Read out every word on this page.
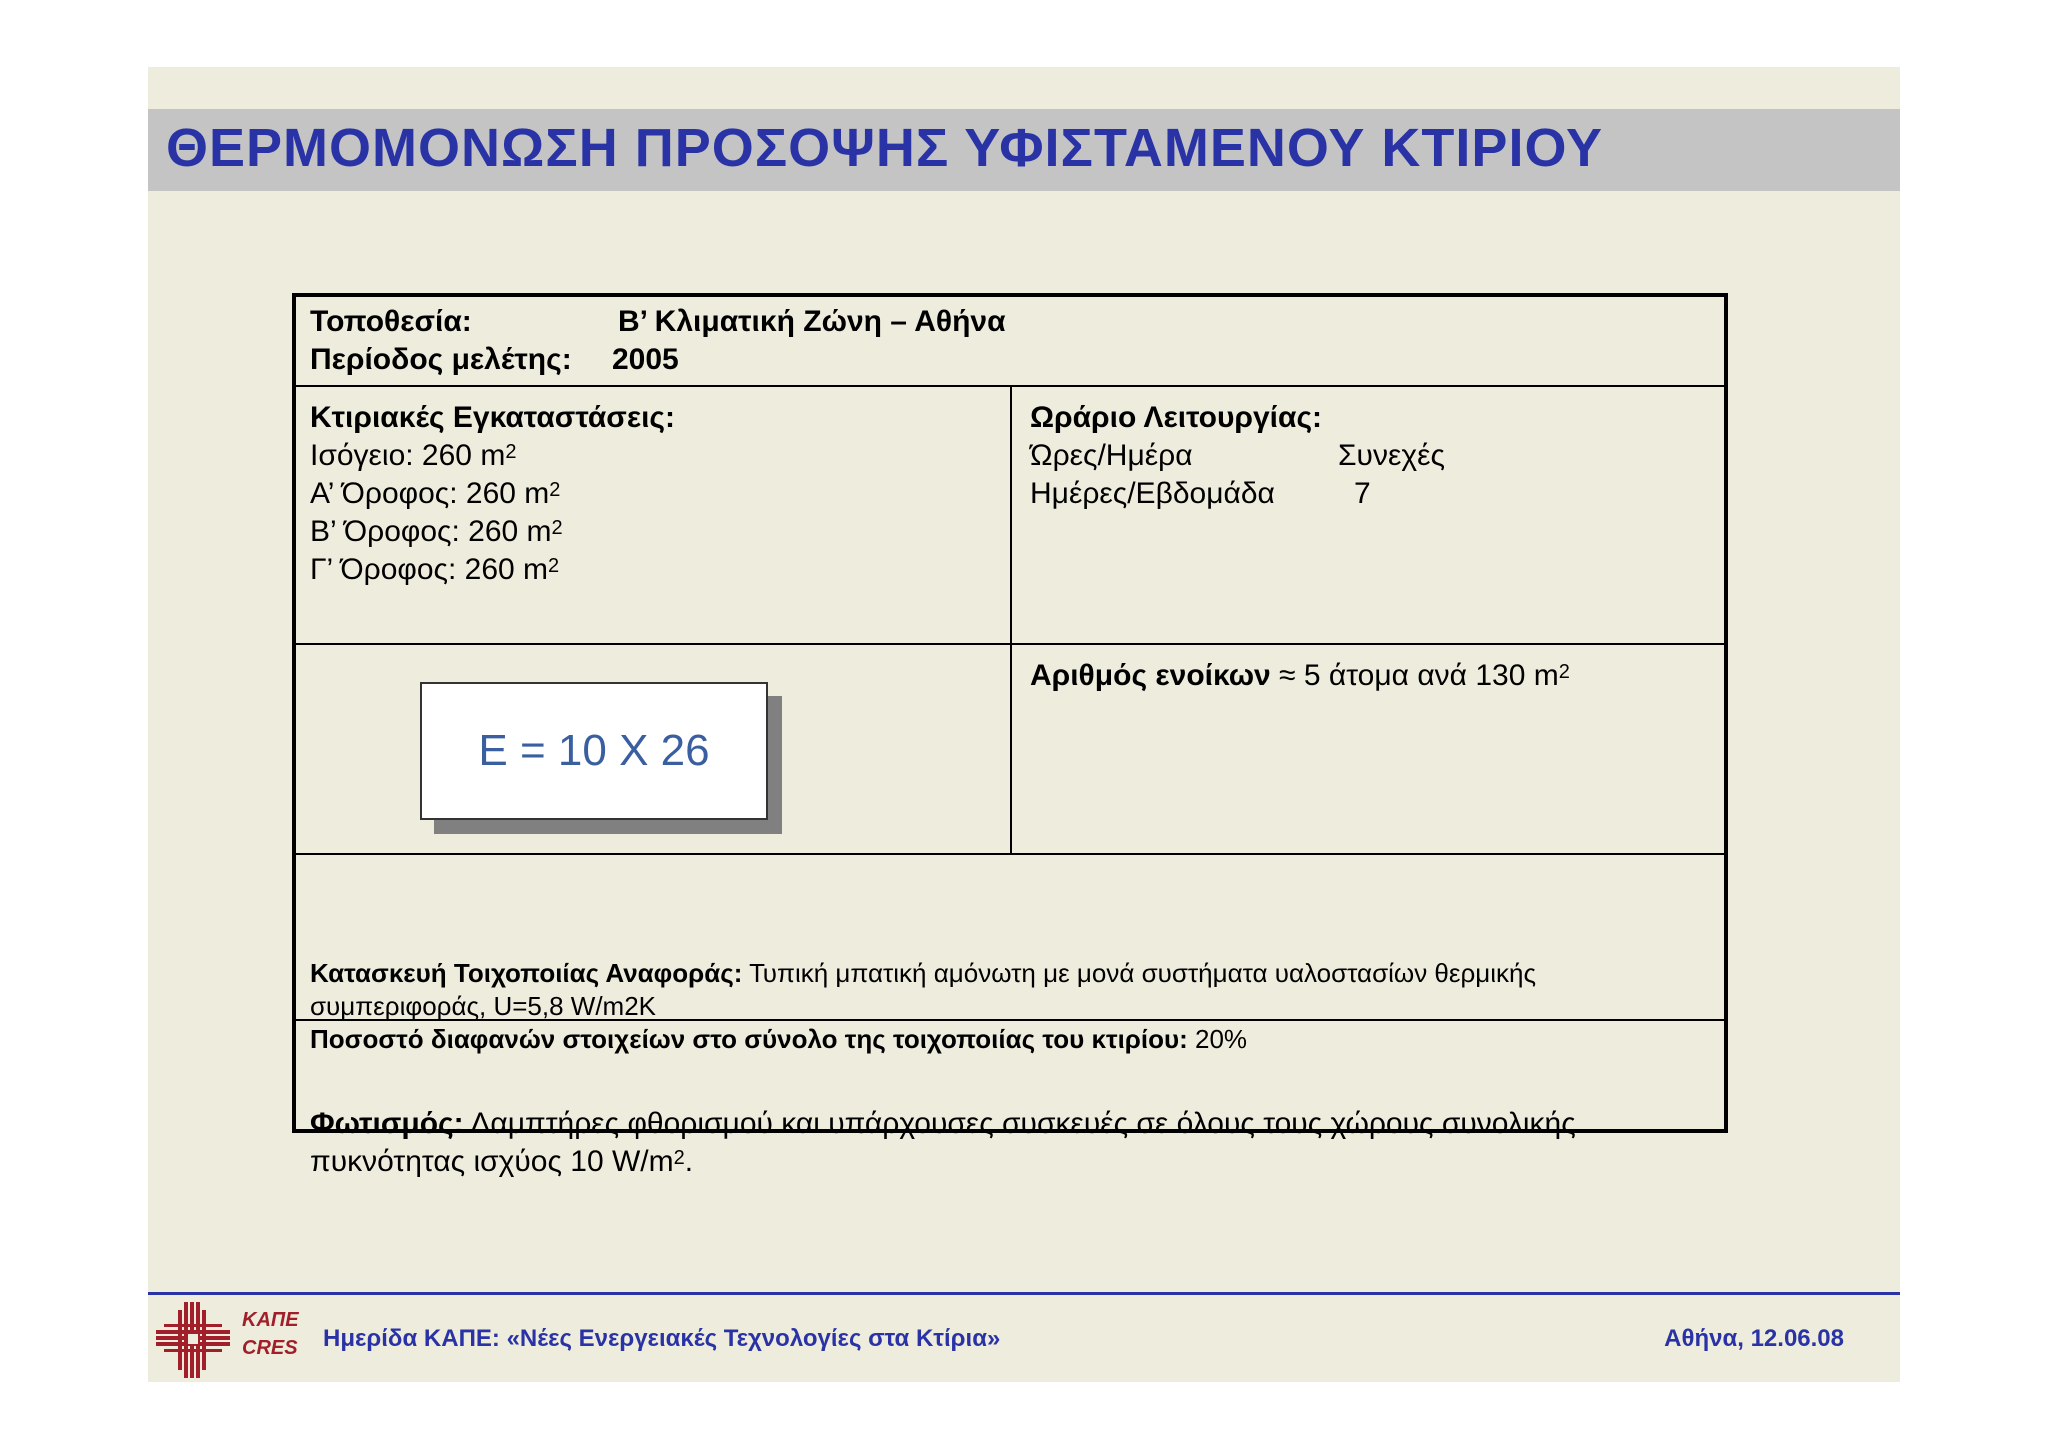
ΘΕΡΜΟΜΟΝΩΣΗ ΠΡΟΣΟΨΗΣ ΥΦΙΣΤΑΜΕΝΟΥ ΚΤΙΡΙΟΥ
Τοποθεσία:	Β’ Κλιματική Ζώνη – Αθήνα
Περίοδος μελέτης: 2005
Κτιριακές Εγκαταστάσεις:
Ισόγειο: 260 $m^2$
Α’ Όροφος: 260 $m^2$
Β’ Όροφος: 260 $m^2$
Γ’ Όροφος: 260 $m^2$
Ωράριο Λειτουργίας:
Ώρες/Ημέρα	Συνεχές
Ημέρες/Εβδομάδα	7
E = 10 X 26
Αριθμός ενοίκων ≈ 5 άτομα ανά 130 $m^2$
Κατασκευή Τοιχοποιίας Αναφοράς: Τυπική μπατική αμόνωτη με μονά συστήματα υαλοστασίων θερμικής
συμπεριφοράς, U=5,8 W/m2K
Ποσοστό διαφανών στοιχείων στο σύνολο της τοιχοποιίας του κτιρίου: 20%
Φωτισμός: Λαμπτήρες φθορισμού και υπάρχουσες συσκευές σε όλους τους χώρους συνολικής
πυκνότητας ισχύος 10 $W/m^2$.
ΚΑΠΕ
CRES Ημερίδα ΚΑΠΕ: «Νέες Ενεργειακές Τεχνολογίες στα Κτίρια»	Αθήνα, 12.06.08
